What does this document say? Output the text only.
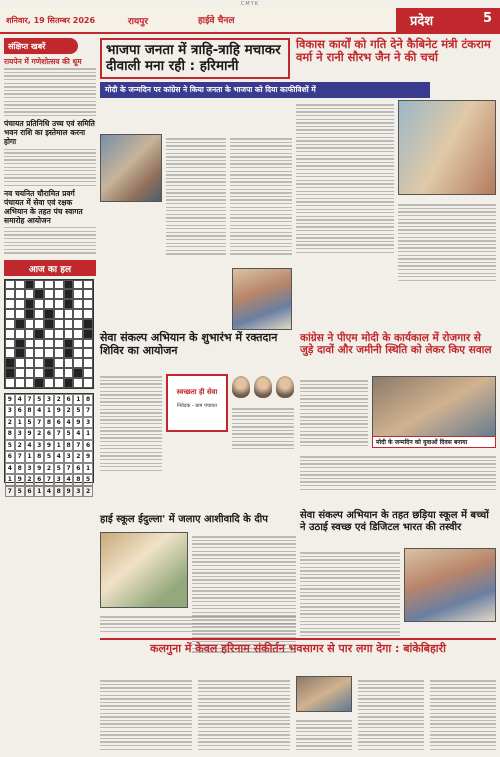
CMYK
शनिवार, 19 सितम्बर 2026	रायपुर	हाईवे चैनल	प्रदेश	5
संक्षिप्त खबरें
रायपेन में गणेशोत्सव की धूम
पंचायत प्रतिनिधि उच्च एवं समिति भवन राशि का इस्तेमाल करना होगा
नव चयनित चौरामित प्रवर्ग पंचायत में सेवा एवं रक्षक अभियान के तहत पंच स्वागत समारोह आयोजन
आज का हल
9 4 7 5 3 2 6 1 8
3 6 8 4 1 9 2 5 7
2 1 5 7 8 6 4 9 3
8 3 9 2 6 7 5 4 1
5 2 4 3 9 1 8 7 6
6 7 1 8 5 4 3 2 9
4 8 3 9 2 5 7 6 1
1 9 2 6 7 3 4 8 5
7 5 6 1 4 8 9 3 2
भाजपा जनता में त्राहि-त्राहि मचाकर दीवाली मना रही : हरिमानी
मोदी के जन्मदिन पर कांग्रेस ने किया जनता के भाजपा को दिया काफीविशों में
विकास कार्यों को गति देने कैबिनेट मंत्री टंकराम वर्मा ने रानी सौरभ जैन ने की चर्चा
सेवा संकल्प अभियान के शुभारंभ में रक्तदान शिविर का आयोजन
स्वच्छता ही सेवा
निवेदक - ग्राम पंचायत
कांग्रेस ने पीएम मोदी के कार्यकाल में रोजगार से जुड़े दावों और जमीनी स्थिति को लेकर किए सवाल
मोदी के जन्मदिन को युवाओं दिवस बनाया
हाई स्कूल ईदुल्ला' में जलाए आशीवादि के दीप	सेवा संकल्प अभियान के तहत छड़िया स्कूल में बच्चों ने उठाई स्वच्छ एवं डिजिटल भारत की तस्वीर
कलगुना में केवल हरिनाम संकीर्तन भवसागर से पार लगा देगा : बांकेबिहारी
